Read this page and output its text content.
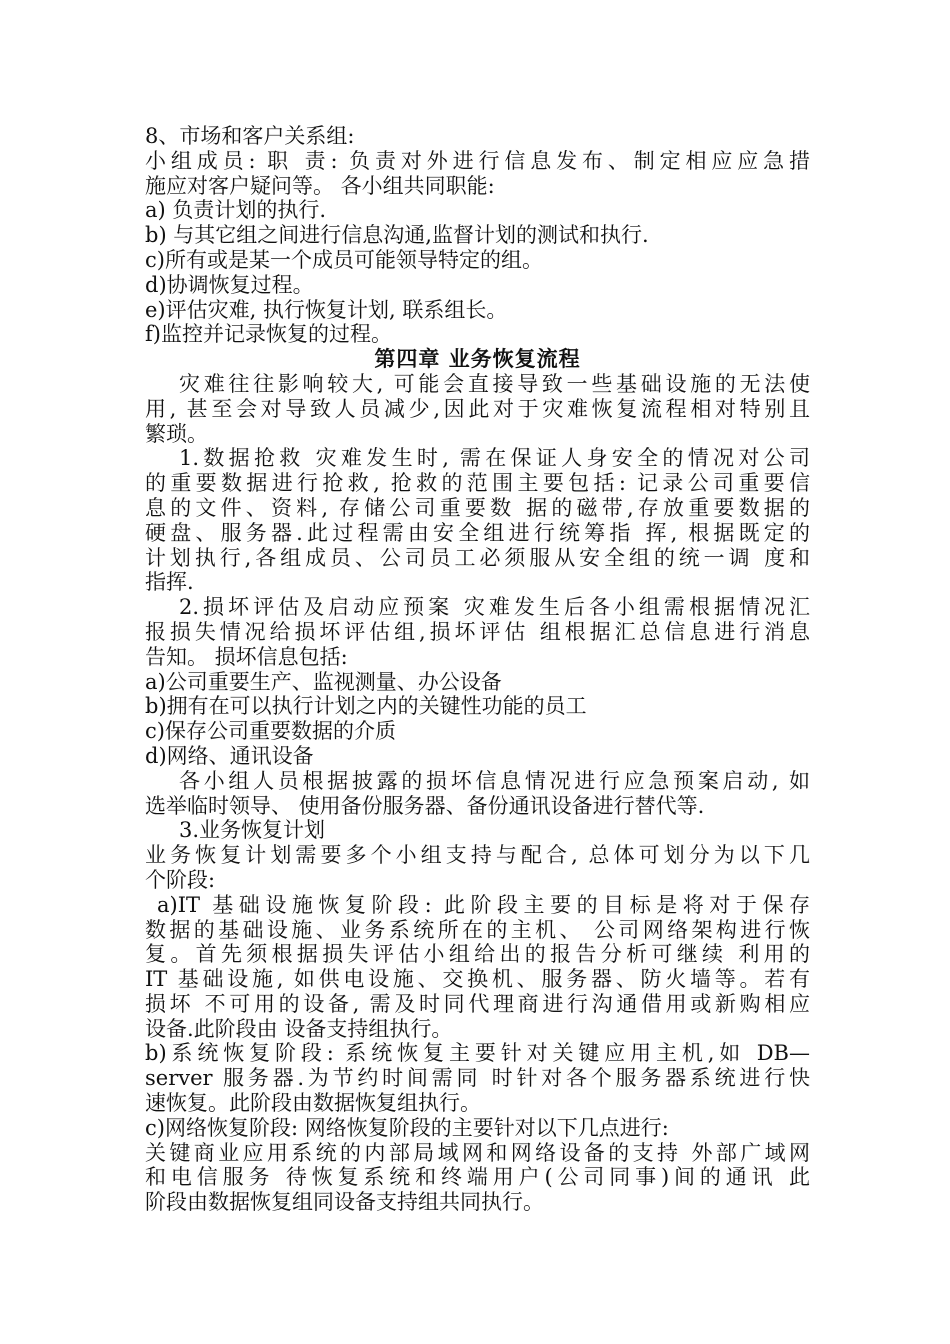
8、市场和客户关系组:
小组成员: 职 责: 负责对外进行信息发布、制定相应应急措
施应对客户疑问等。 各小组共同职能:
a) 负责计划的执行.
b) 与其它组之间进行信息沟通,监督计划的测试和执行.
c)所有或是某一个成员可能领导特定的组。
d)协调恢复过程。
e)评估灾难, 执行恢复计划, 联系组长。
f)监控并记录恢复的过程。
第四章 业务恢复流程
灾难往往影响较大, 可能会直接导致一些基础设施的无法使
用, 甚至会对导致人员减少,因此对于灾难恢复流程相对特别且
繁琐。
1.数据抢救 灾难发生时, 需在保证人身安全的情况对公司
的重要数据进行抢救, 抢救的范围主要包括: 记录公司重要信
息的文件、资料, 存储公司重要数 据的磁带,存放重要数据的
硬盘、服务器.此过程需由安全组进行统筹指 挥, 根据既定的
计划执行,各组成员、公司员工必须服从安全组的统一调 度和
指挥.
2.损坏评估及启动应预案 灾难发生后各小组需根据情况汇
报损失情况给损坏评估组,损坏评估 组根据汇总信息进行消息
告知。 损坏信息包括:
a)公司重要生产、监视测量、办公设备
b)拥有在可以执行计划之内的关键性功能的员工
c)保存公司重要数据的介质
d)网络、通讯设备
各小组人员根据披露的损坏信息情况进行应急预案启动, 如
选举临时领导、 使用备份服务器、备份通讯设备进行替代等.
3.业务恢复计划
业务恢复计划需要多个小组支持与配合, 总体可划分为以下几
个阶段:
a)IT 基础设施恢复阶段: 此阶段主要的目标是将对于保存
数据的基础设施、业务系统所在的主机、 公司网络架构进行恢
复。首先须根据损失评估小组给出的报告分析可继续 利用的
IT 基础设施, 如供电设施、交换机、服务器、防火墙等。若有
损坏 不可用的设备, 需及时同代理商进行沟通借用或新购相应
设备.此阶段由 设备支持组执行。
b)系统恢复阶段: 系统恢复主要针对关键应用主机,如 DB—
server 服务器.为节约时间需同 时针对各个服务器系统进行快
速恢复。此阶段由数据恢复组执行。
c)网络恢复阶段: 网络恢复阶段的主要针对以下几点进行:
关键商业应用系统的内部局域网和网络设备的支持 外部广域网
和电信服务 待恢复系统和终端用户(公司同事)间的通讯 此
阶段由数据恢复组同设备支持组共同执行。
